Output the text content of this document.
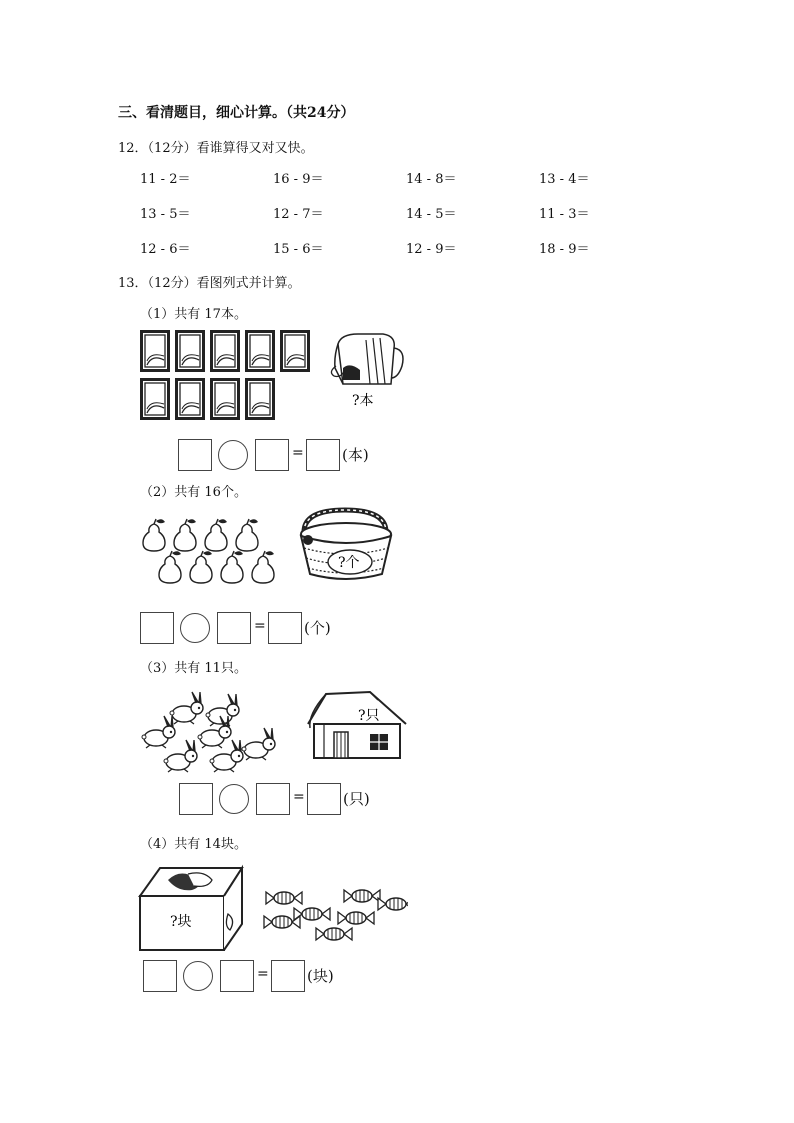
三、看清题目，细心计算。（共24分）
12．（12分）看谁算得又对又快。
11 - 2＝	16 - 9＝	14 - 8＝	13 - 4＝
13 - 5＝	12 - 7＝	14 - 5＝	11 - 3＝
12 - 6＝	15 - 6＝	12 - 9＝	18 - 9＝
13．（12分）看图列式并计算。
（1）共有 17本。
?本
=	(本)
（2）共有 16个。
?个
=	(个)
（3）共有 11只。
?只
=	(只)
（4）共有 14块。
?块
=	(块)
